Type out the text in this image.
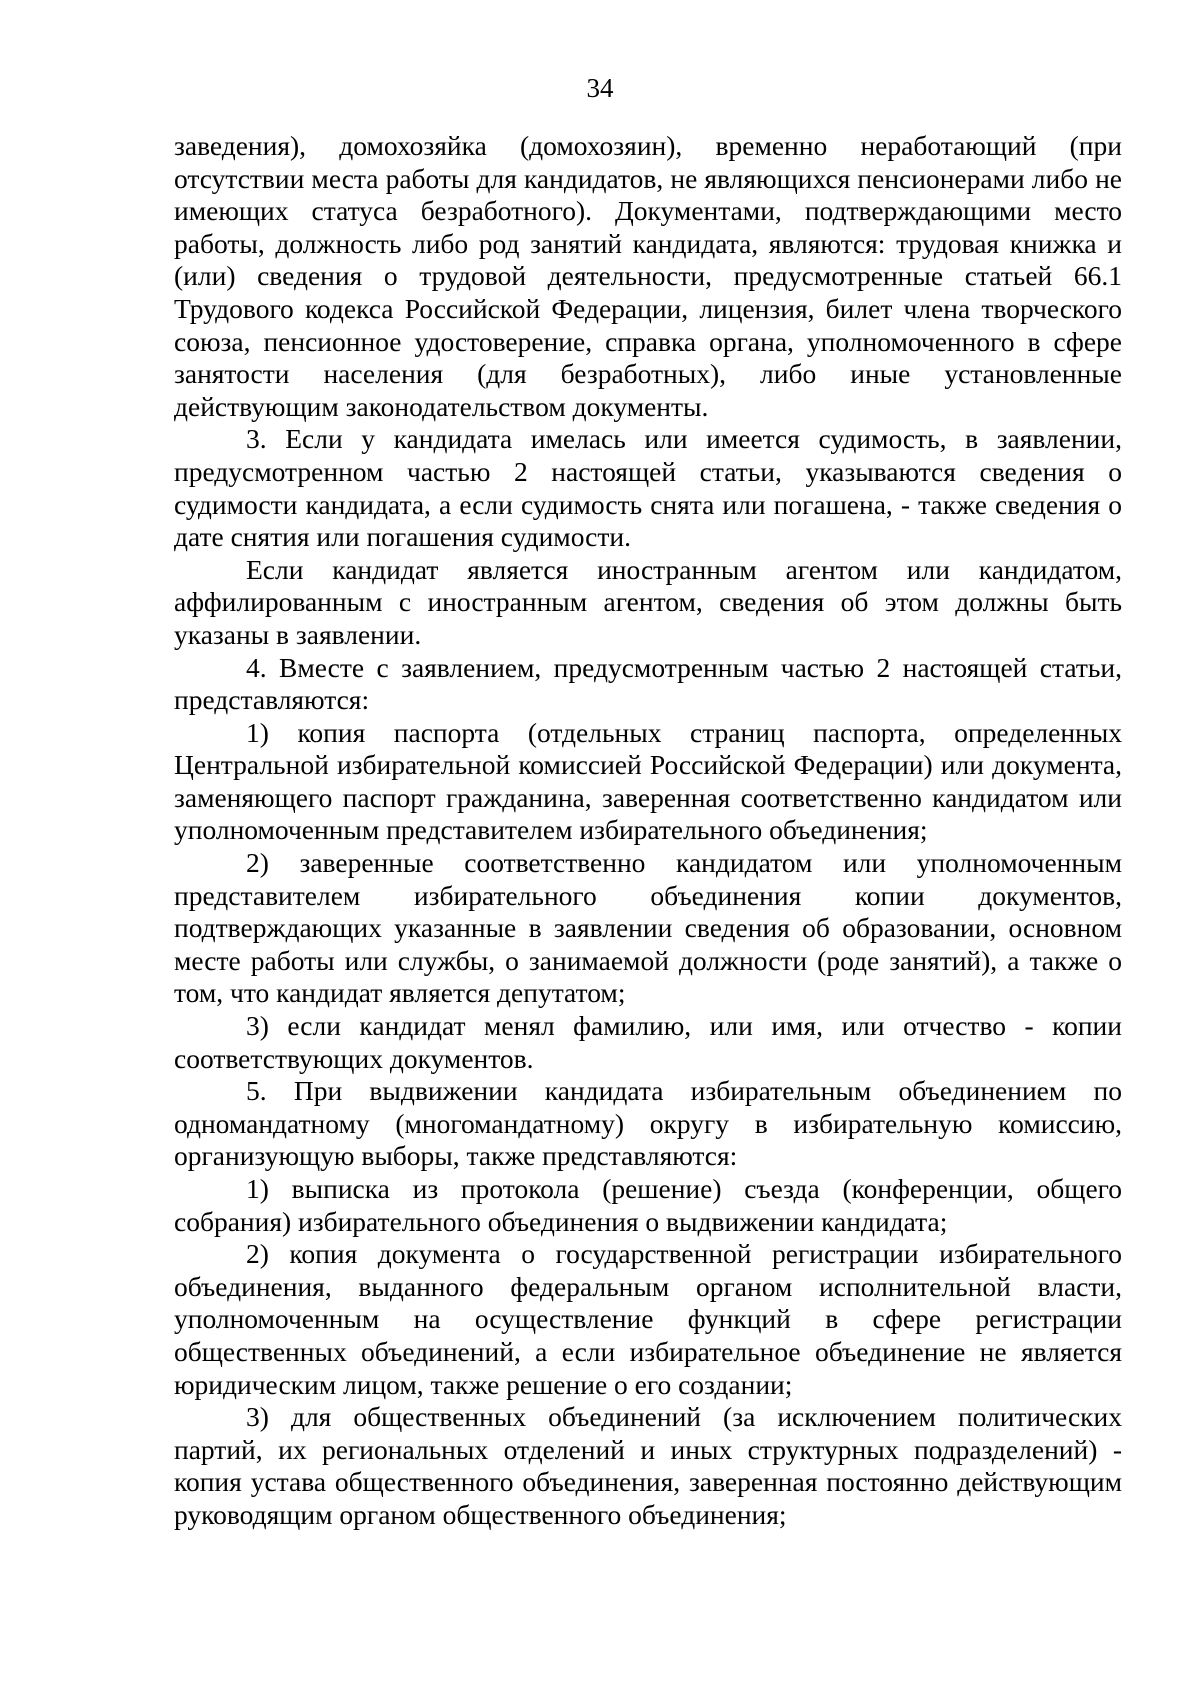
34

заведения), домохозяйка (домохозяин), временно неработающий (при отсутствии места работы для кандидатов, не являющихся пенсионерами либо не имеющих статуса безработного). Документами, подтверждающими место работы, должность либо род занятий кандидата, являются: трудовая книжка и (или) сведения о трудовой деятельности, предусмотренные статьей 66.1 Трудового кодекса Российской Федерации, лицензия, билет члена творческого союза, пенсионное удостоверение, справка органа, уполномоченного в сфере занятости населения (для безработных), либо иные установленные действующим законодательством документы.

3. Если у кандидата имелась или имеется судимость, в заявлении, предусмотренном частью 2 настоящей статьи, указываются сведения о судимости кандидата, а если судимость снята или погашена, - также сведения о дате снятия или погашения судимости.

Если кандидат является иностранным агентом или кандидатом, аффилированным с иностранным агентом, сведения об этом должны быть указаны в заявлении.

4. Вместе с заявлением, предусмотренным частью 2 настоящей статьи, представляются:

1) копия паспорта (отдельных страниц паспорта, определенных Центральной избирательной комиссией Российской Федерации) или документа, заменяющего паспорт гражданина, заверенная соответственно кандидатом или уполномоченным представителем избирательного объединения;

2) заверенные соответственно кандидатом или уполномоченным представителем избирательного объединения копии документов, подтверждающих указанные в заявлении сведения об образовании, основном месте работы или службы, о занимаемой должности (роде занятий), а также о том, что кандидат является депутатом;

3) если кандидат менял фамилию, или имя, или отчество - копии соответствующих документов.

5. При выдвижении кандидата избирательным объединением по одномандатному (многомандатному) округу в избирательную комиссию, организующую выборы, также представляются:

1) выписка из протокола (решение) съезда (конференции, общего собрания) избирательного объединения о выдвижении кандидата;

2) копия документа о государственной регистрации избирательного объединения, выданного федеральным органом исполнительной власти, уполномоченным на осуществление функций в сфере регистрации общественных объединений, а если избирательное объединение не является юридическим лицом, также решение о его создании;

3) для общественных объединений (за исключением политических партий, их региональных отделений и иных структурных подразделений) - копия устава общественного объединения, заверенная постоянно действующим руководящим органом общественного объединения;
